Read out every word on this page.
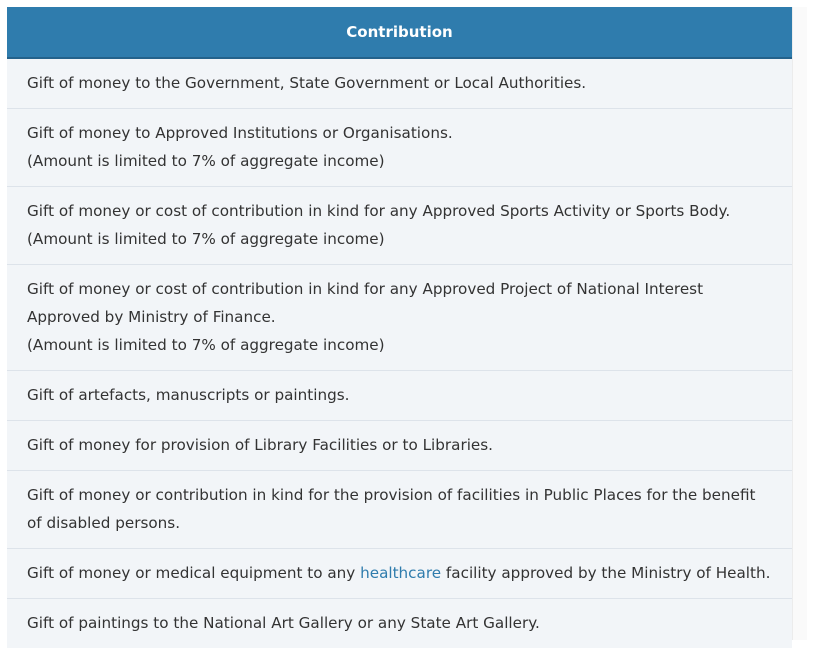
Contribution

Gift of money to the Government, State Government or Local Authorities.

Gift of money to Approved Institutions or Organisations.
(Amount is limited to 7% of aggregate income)

Gift of money or cost of contribution in kind for any Approved Sports Activity or Sports Body.
(Amount is limited to 7% of aggregate income)

Gift of money or cost of contribution in kind for any Approved Project of National Interest Approved by Ministry of Finance.
(Amount is limited to 7% of aggregate income)

Gift of artefacts, manuscripts or paintings.

Gift of money for provision of Library Facilities or to Libraries.

Gift of money or contribution in kind for the provision of facilities in Public Places for the benefit of disabled persons.

Gift of money or medical equipment to any healthcare facility approved by the Ministry of Health.

Gift of paintings to the National Art Gallery or any State Art Gallery.
